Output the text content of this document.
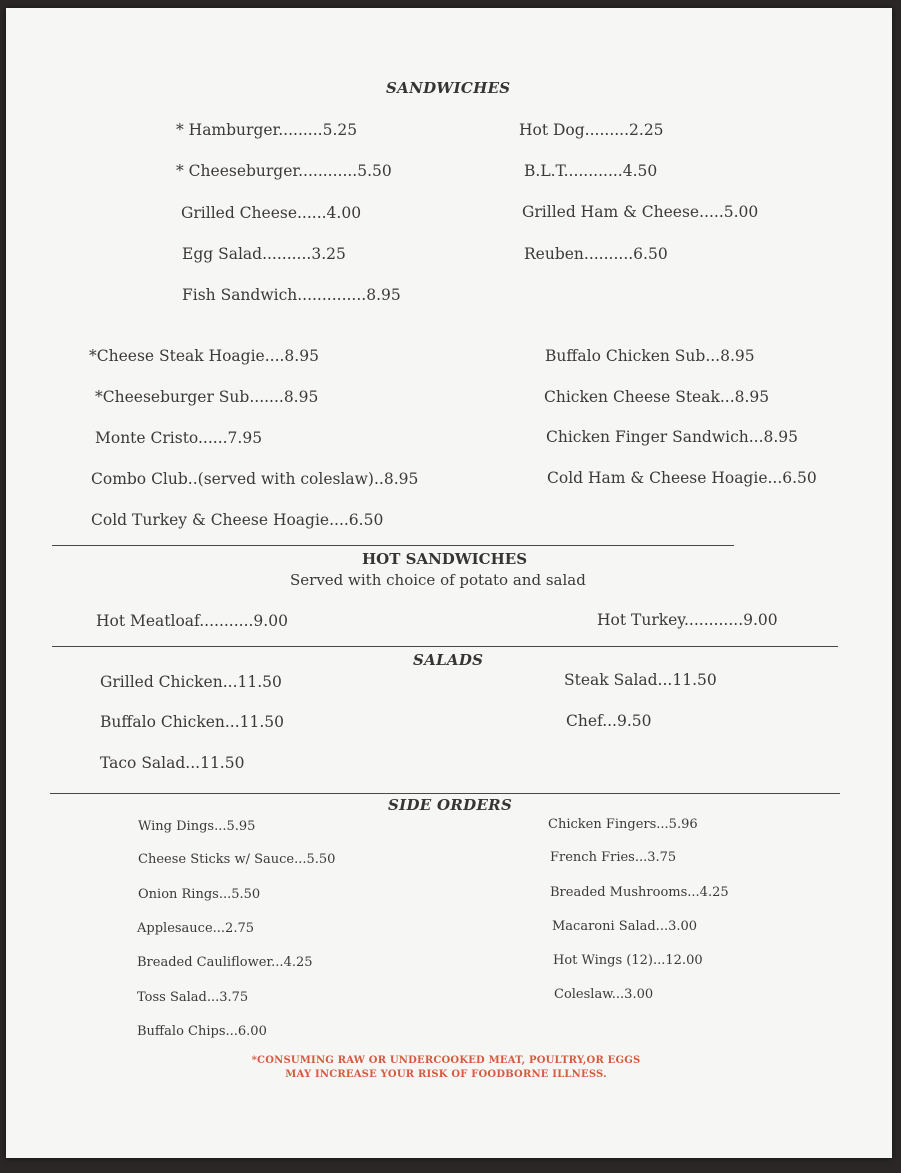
SANDWICHES
* Hamburger.........5.25	Hot Dog.........2.25
* Cheeseburger............5.50	B.L.T............4.50
Grilled Cheese......4.00	Grilled Ham & Cheese.....5.00
Egg Salad..........3.25	Reuben..........6.50
Fish Sandwich..............8.95
*Cheese Steak Hoagie....8.95	Buffalo Chicken Sub...8.95
*Cheeseburger Sub.......8.95	Chicken Cheese Steak...8.95
Monte Cristo......7.95	Chicken Finger Sandwich...8.95
Combo Club..(served with coleslaw)..8.95	Cold Ham & Cheese Hoagie...6.50
Cold Turkey & Cheese Hoagie....6.50
HOT SANDWICHES
Served with choice of potato and salad
Hot Meatloaf...........9.00	Hot Turkey............9.00
SALADS
Grilled Chicken...11.50	Steak Salad...11.50
Buffalo Chicken...11.50	Chef...9.50
Taco Salad...11.50
SIDE ORDERS
Wing Dings...5.95	Chicken Fingers...5.96
Cheese Sticks w/ Sauce...5.50	French Fries...3.75
Onion Rings...5.50	Breaded Mushrooms...4.25
Applesauce...2.75	Macaroni Salad...3.00
Breaded Cauliflower...4.25	Hot Wings (12)...12.00
Toss Salad...3.75	Coleslaw...3.00
Buffalo Chips...6.00
*CONSUMING RAW OR UNDERCOOKED MEAT, POULTRY,OR EGGS
MAY INCREASE YOUR RISK OF FOODBORNE ILLNESS.
